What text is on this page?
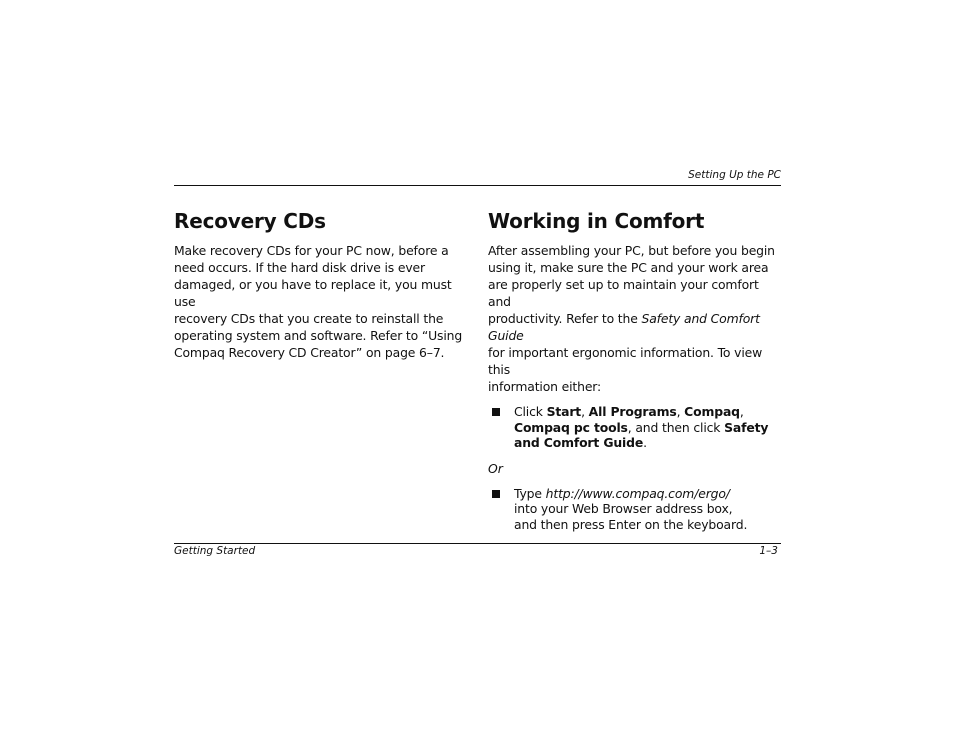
Setting Up the PC
Recovery CDs

Make recovery CDs for your PC now, before a
need occurs. If the hard disk drive is ever
damaged, or you have to replace it, you must use
recovery CDs that you create to reinstall the
operating system and software. Refer to “Using
Compaq Recovery CD Creator” on page 6–7.

Working in Comfort

After assembling your PC, but before you begin
using it, make sure the PC and your work area
are properly set up to maintain your comfort and
productivity. Refer to the Safety and Comfort Guide
for important ergonomic information. To view this
information either:

Click Start, All Programs, Compaq,
Compaq pc tools, and then click Safety
and Comfort Guide.
Or
Type http://www.compaq.com/ergo/
into your Web Browser address box,
and then press Enter on the keyboard.
Getting Started	1–3
